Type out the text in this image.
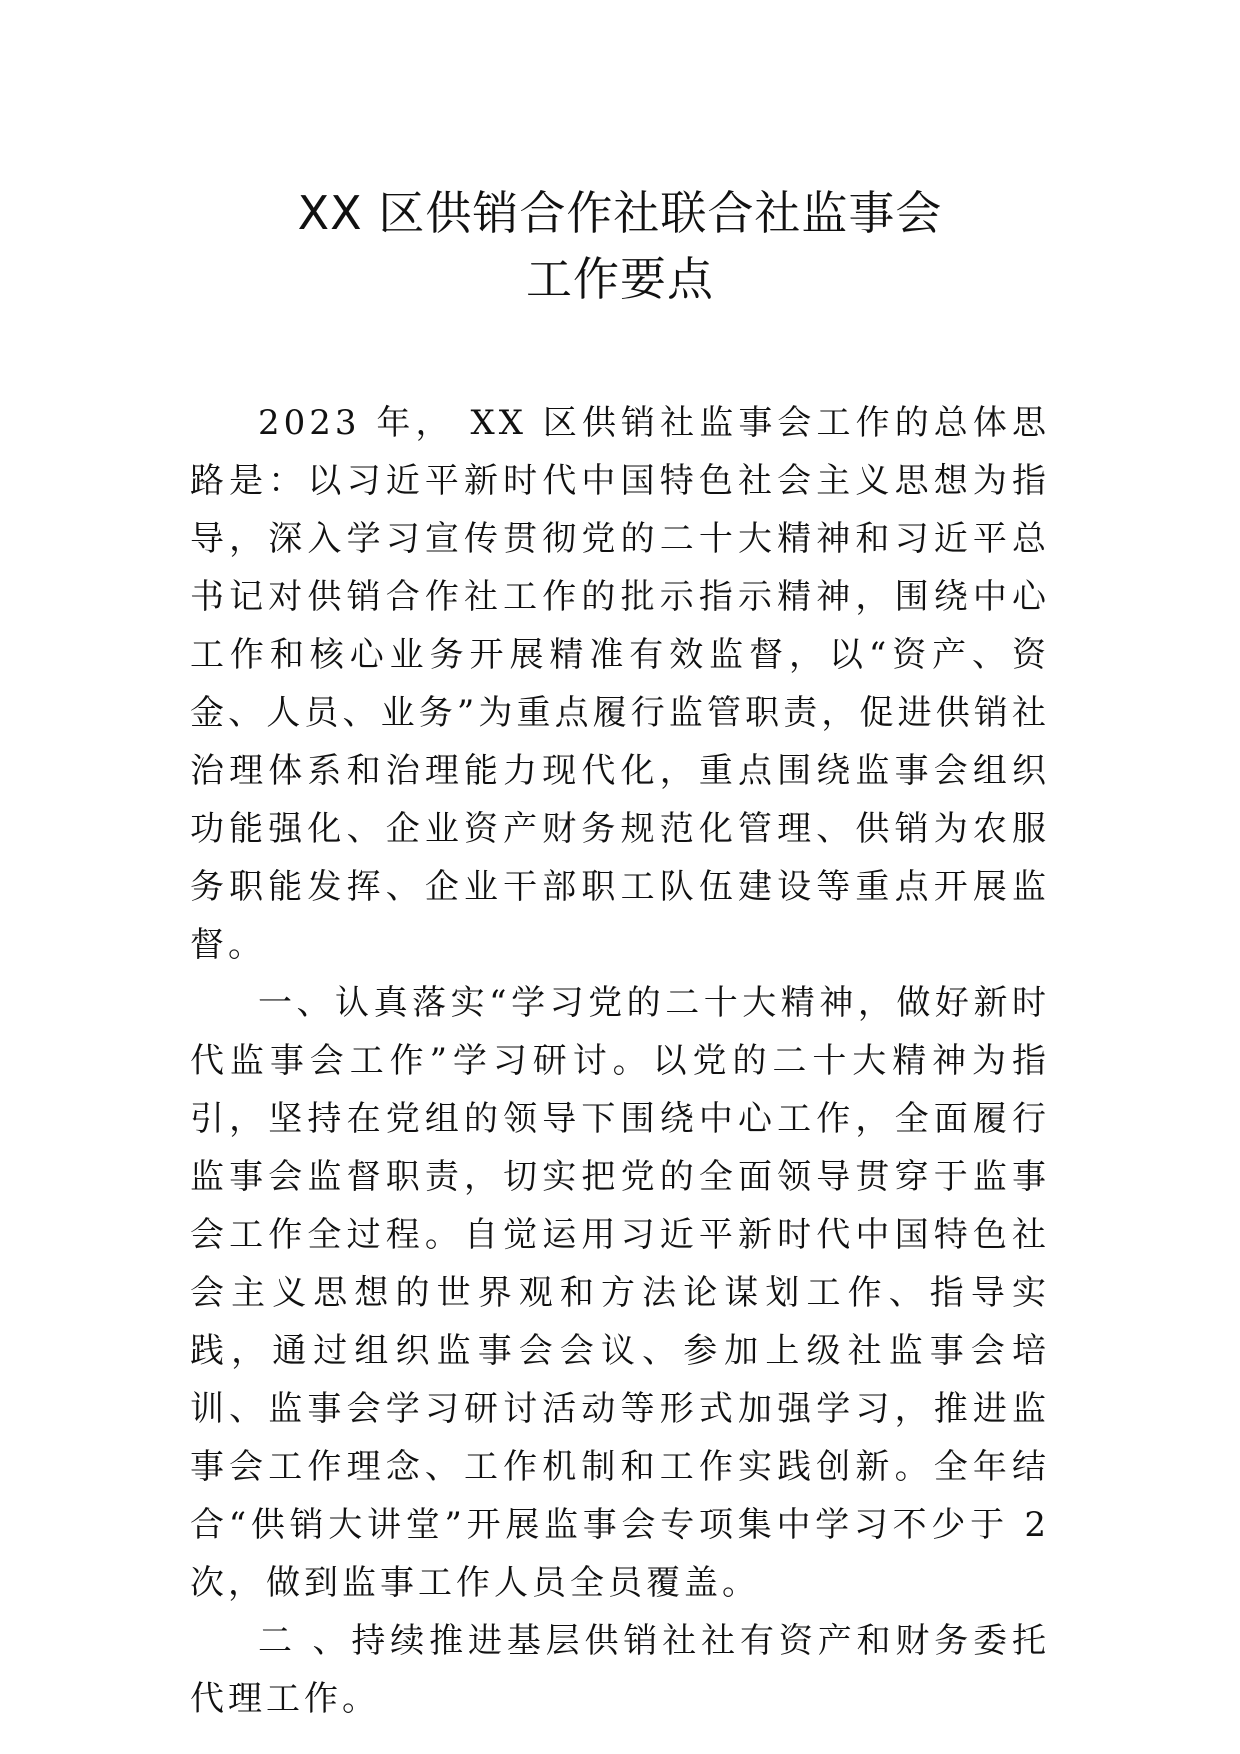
XX 区供销合作社联合社监事会
工作要点

2023 年， XX 区供销社监事会工作的总体思路是：以习近平新时代中国特色社会主义思想为指导，深入学习宣传贯彻党的二十大精神和习近平总书记对供销合作社工作的批示指示精神，围绕中心工作和核心业务开展精准有效监督，以“资产、资金、人员、业务”为重点履行监管职责，促进供销社治理体系和治理能力现代化，重点围绕监事会组织功能强化、企业资产财务规范化管理、供销为农服务职能发挥、企业干部职工队伍建设等重点开展监督。

一、认真落实“学习党的二十大精神，做好新时代监事会工作”学习研讨。以党的二十大精神为指引，坚持在党组的领导下围绕中心工作，全面履行监事会监督职责，切实把党的全面领导贯穿于监事会工作全过程。自觉运用习近平新时代中国特色社会主义思想的世界观和方法论谋划工作、指导实践，通过组织监事会会议、参加上级社监事会培训、监事会学习研讨活动等形式加强学习，推进监事会工作理念、工作机制和工作实践创新。全年结合“供销大讲堂”开展监事会专项集中学习不少于 2 次，做到监事工作人员全员覆盖。

二 、持续推进基层供销社社有资产和财务委托代理工作。
